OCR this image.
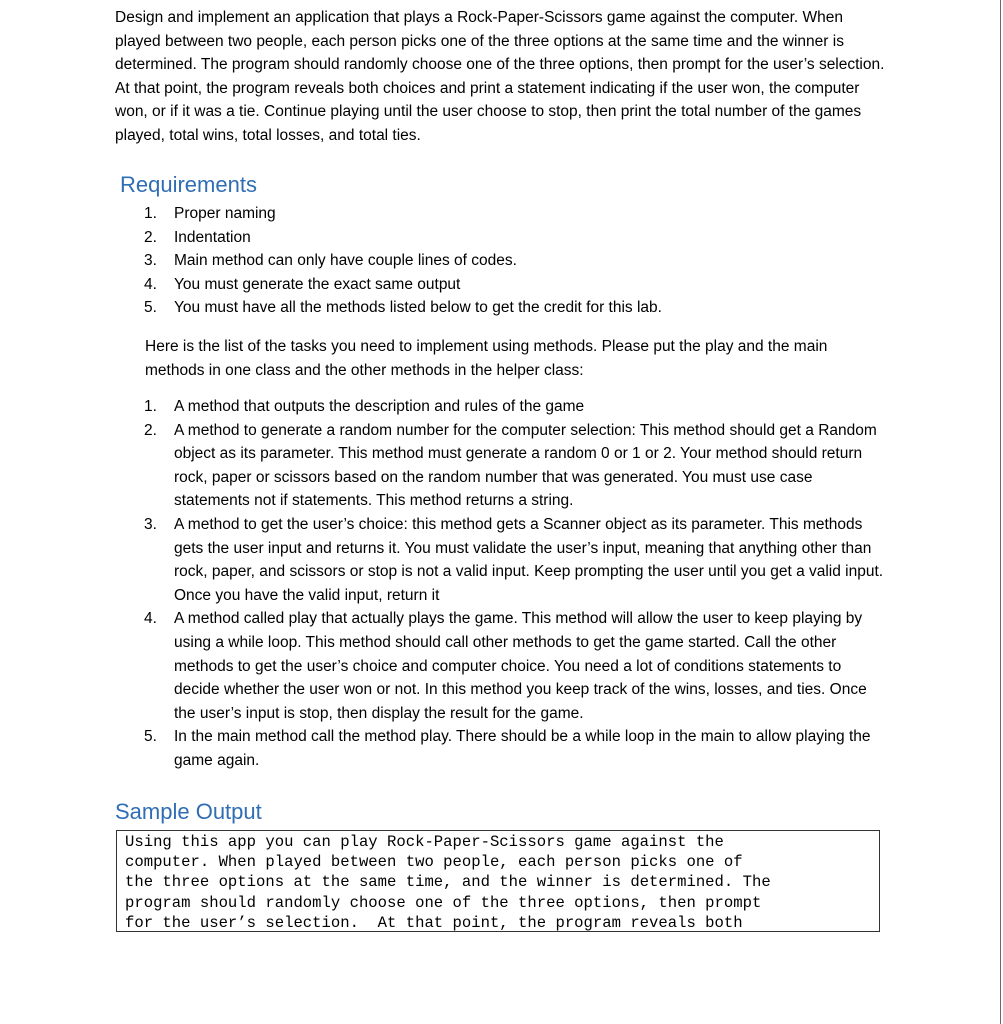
Design and implement an application that plays a Rock-Paper-Scissors game against the computer. When played between two people, each person picks one of the three options at the same time and the winner is determined. The program should randomly choose one of the three options, then prompt for the user’s selection. At that point, the program reveals both choices and print a statement indicating if the user won, the computer won, or if it was a tie. Continue playing until the user choose to stop, then print the total number of the games played, total wins, total losses, and total ties.

Requirements
1. Proper naming
2. Indentation
3. Main method can only have couple lines of codes.
4. You must generate the exact same output
5. You must have all the methods listed below to get the credit for this lab.

Here is the list of the tasks you need to implement using methods. Please put the play and the main methods in one class and the other methods in the helper class:

1. A method that outputs the description and rules of the game
2. A method to generate a random number for the computer selection: This method should get a Random object as its parameter. This method must generate a random 0 or 1 or 2. Your method should return rock, paper or scissors based on the random number that was generated. You must use case statements not if statements. This method returns a string.
3. A method to get the user’s choice: this method gets a Scanner object as its parameter. This methods gets the user input and returns it. You must validate the user’s input, meaning that anything other than rock, paper, and scissors or stop is not a valid input. Keep prompting the user until you get a valid input. Once you have the valid input, return it
4. A method called play that actually plays the game. This method will allow the user to keep playing by using a while loop. This method should call other methods to get the game started. Call the other methods to get the user’s choice and computer choice. You need a lot of conditions statements to decide whether the user won or not. In this method you keep track of the wins, losses, and ties. Once the user’s input is stop, then display the result for the game.
5. In the main method call the method play. There should be a while loop in the main to allow playing the game again.
Sample Output
Using this app you can play Rock-Paper-Scissors game against the
computer. When played between two people, each person picks one of
the three options at the same time, and the winner is determined. The
program should randomly choose one of the three options, then prompt
for the user’s selection.  At that point, the program reveals both
